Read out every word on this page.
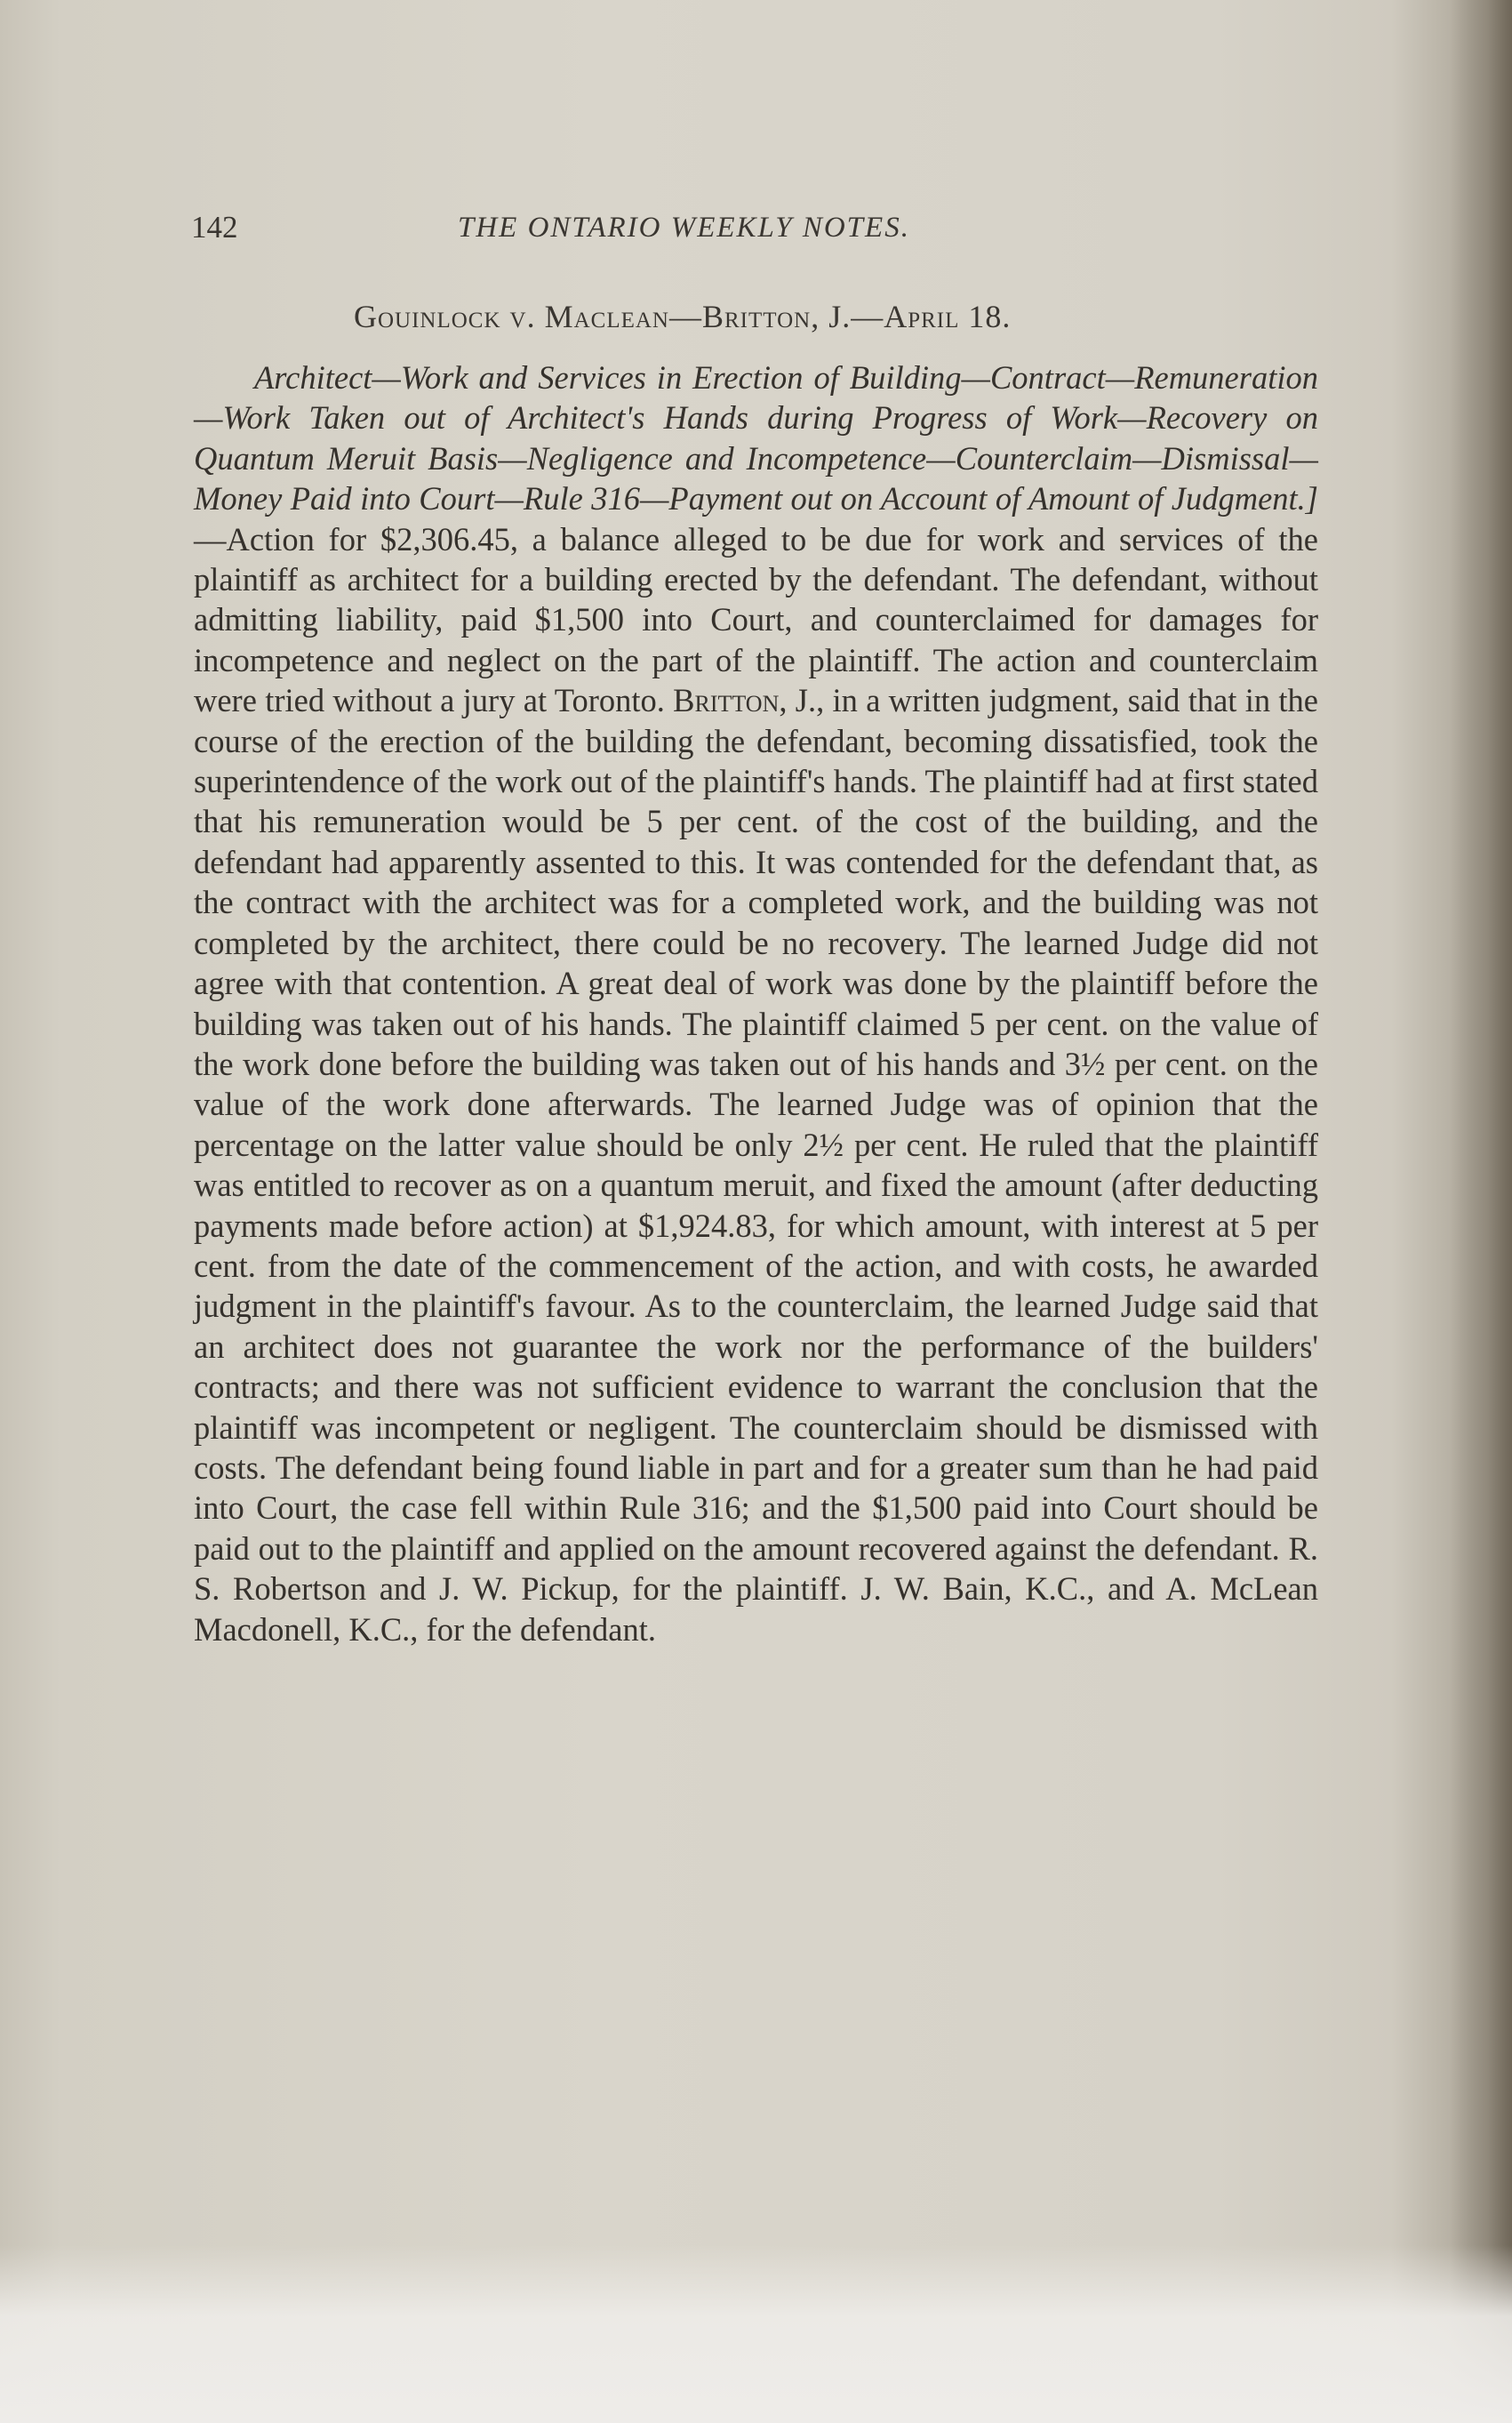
142	THE ONTARIO WEEKLY NOTES.
Gouinlock v. Maclean—Britton, J.—April 18.

Architect—Work and Services in Erection of Building—Contract—Remuneration—Work Taken out of Architect's Hands during Progress of Work—Recovery on Quantum Meruit Basis—Negligence and Incompetence—Counterclaim—Dismissal—Money Paid into Court—Rule 316—Payment out on Account of Amount of Judgment.]—Action for $2,306.45, a balance alleged to be due for work and services of the plaintiff as architect for a building erected by the defendant. The defendant, without admitting liability, paid $1,500 into Court, and counterclaimed for damages for incompetence and neglect on the part of the plaintiff. The action and counterclaim were tried without a jury at Toronto. Britton, J., in a written judgment, said that in the course of the erection of the building the defendant, becoming dissatisfied, took the superintendence of the work out of the plaintiff's hands. The plaintiff had at first stated that his remuneration would be 5 per cent. of the cost of the building, and the defendant had apparently assented to this. It was contended for the defendant that, as the contract with the architect was for a completed work, and the building was not completed by the architect, there could be no recovery. The learned Judge did not agree with that contention. A great deal of work was done by the plaintiff before the building was taken out of his hands. The plaintiff claimed 5 per cent. on the value of the work done before the building was taken out of his hands and 3½ per cent. on the value of the work done afterwards. The learned Judge was of opinion that the percentage on the latter value should be only 2½ per cent. He ruled that the plaintiff was entitled to recover as on a quantum meruit, and fixed the amount (after deducting payments made before action) at $1,924.83, for which amount, with interest at 5 per cent. from the date of the commencement of the action, and with costs, he awarded judgment in the plaintiff's favour. As to the counterclaim, the learned Judge said that an architect does not guarantee the work nor the performance of the builders' contracts; and there was not sufficient evidence to warrant the conclusion that the plaintiff was incompetent or negligent. The counterclaim should be dismissed with costs. The defendant being found liable in part and for a greater sum than he had paid into Court, the case fell within Rule 316; and the $1,500 paid into Court should be paid out to the plaintiff and applied on the amount recovered against the defendant. R. S. Robertson and J. W. Pickup, for the plaintiff. J. W. Bain, K.C., and A. McLean Macdonell, K.C., for the defendant.
